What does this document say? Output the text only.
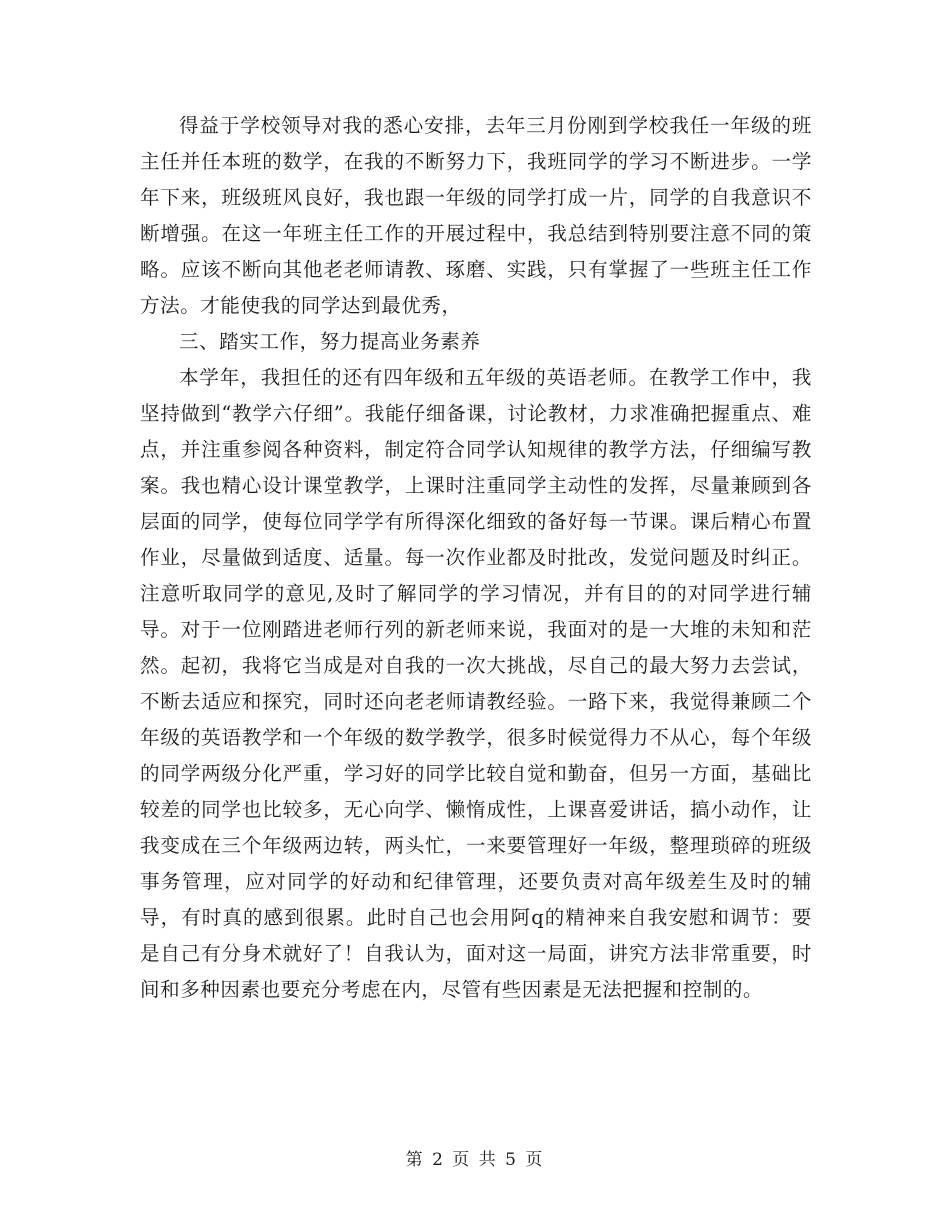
得益于学校领导对我的悉心安排，去年三月份刚到学校我任一年级的班主任并任本班的数学，在我的不断努力下，我班同学的学习不断进步。一学年下来，班级班风良好，我也跟一年级的同学打成一片，同学的自我意识不断增强。在这一年班主任工作的开展过程中，我总结到特别要注意不同的策略。应该不断向其他老老师请教、琢磨、实践，只有掌握了一些班主任工作方法。才能使我的同学达到最优秀，

三、踏实工作，努力提高业务素养

本学年，我担任的还有四年级和五年级的英语老师。在教学工作中，我坚持做到“教学六仔细”。我能仔细备课，讨论教材，力求准确把握重点、难点，并注重参阅各种资料，制定符合同学认知规律的教学方法，仔细编写教案。我也精心设计课堂教学，上课时注重同学主动性的发挥，尽量兼顾到各层面的同学，使每位同学学有所得深化细致的备好每一节课。课后精心布置作业，尽量做到适度、适量。每一次作业都及时批改，发觉问题及时纠正。注意听取同学的意见,及时了解同学的学习情况，并有目的的对同学进行辅导。对于一位刚踏进老师行列的新老师来说，我面对的是一大堆的未知和茫然。起初，我将它当成是对自我的一次大挑战，尽自己的最大努力去尝试，不断去适应和探究，同时还向老老师请教经验。一路下来，我觉得兼顾二个年级的英语教学和一个年级的数学教学，很多时候觉得力不从心，每个年级的同学两级分化严重，学习好的同学比较自觉和勤奋，但另一方面，基础比较差的同学也比较多，无心向学、懒惰成性，上课喜爱讲话，搞小动作，让我变成在三个年级两边转，两头忙，一来要管理好一年级，整理琐碎的班级事务管理，应对同学的好动和纪律管理，还要负责对高年级差生及时的辅导，有时真的感到很累。此时自己也会用阿q的精神来自我安慰和调节：要是自己有分身术就好了！自我认为，面对这一局面，讲究方法非常重要，时间和多种因素也要充分考虑在内，尽管有些因素是无法把握和控制的。

第 2 页 共 5 页
